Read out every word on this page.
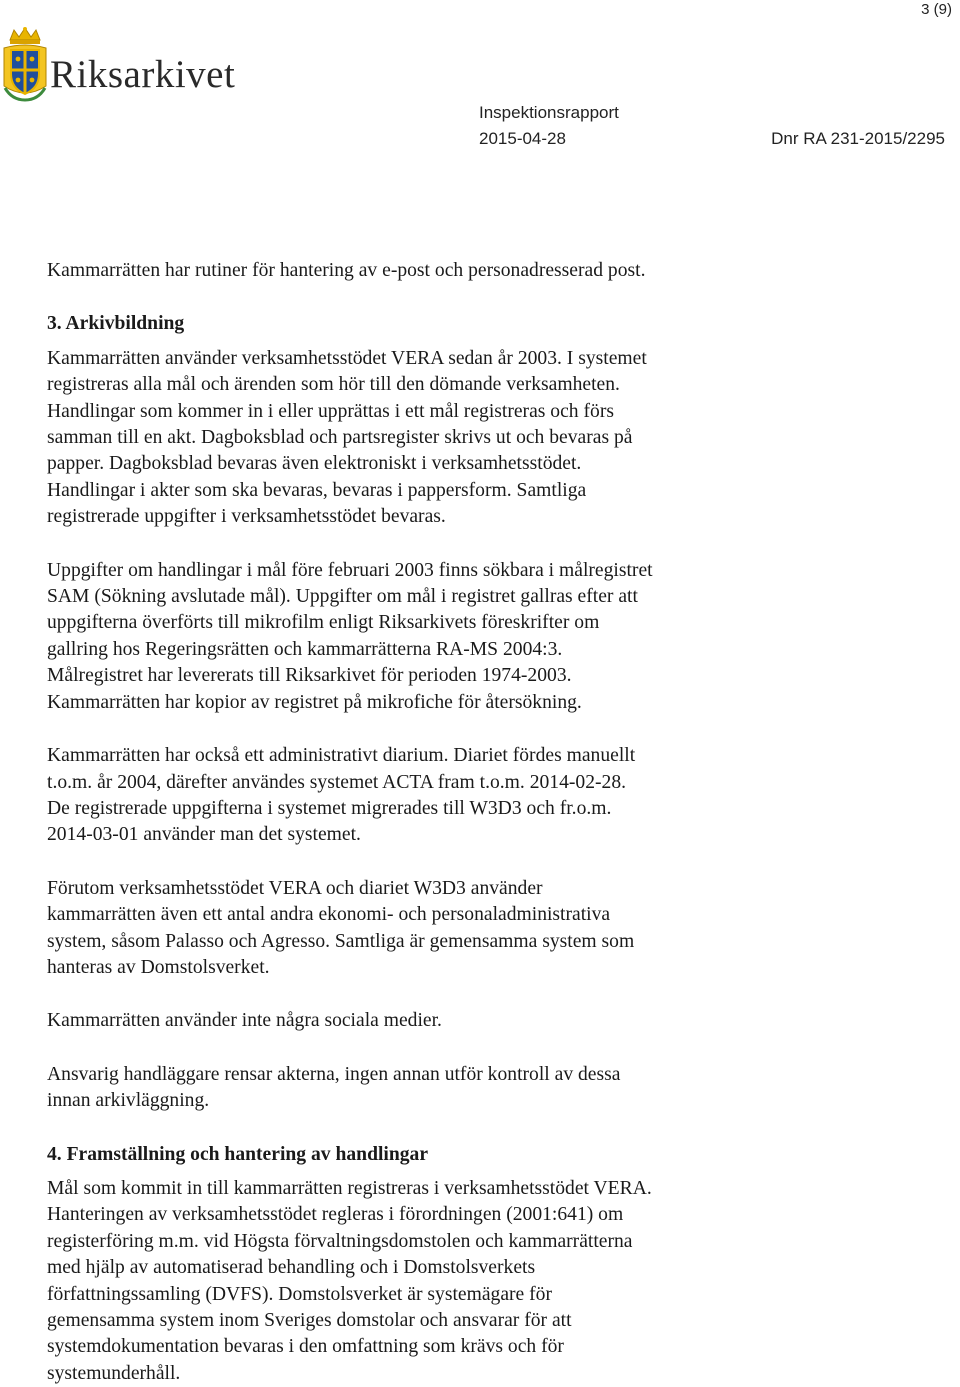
3 (9)
Riksarkivet
Inspektionsrapport
2015-04-28	Dnr RA 231-2015/2295

Kammarrätten har rutiner för hantering av e-post och personadresserad post.

3. Arkivbildning

Kammarrätten använder verksamhetsstödet VERA sedan år 2003. I systemet
registreras alla mål och ärenden som hör till den dömande verksamheten.
Handlingar som kommer in i eller upprättas i ett mål registreras och förs
samman till en akt. Dagboksblad och partsregister skrivs ut och bevaras på
papper. Dagboksblad bevaras även elektroniskt i verksamhetsstödet.
Handlingar i akter som ska bevaras, bevaras i pappersform. Samtliga
registrerade uppgifter i verksamhetsstödet bevaras.

Uppgifter om handlingar i mål före februari 2003 finns sökbara i målregistret
SAM (Sökning avslutade mål). Uppgifter om mål i registret gallras efter att
uppgifterna överförts till mikrofilm enligt Riksarkivets föreskrifter om
gallring hos Regeringsrätten och kammarrätterna RA-MS 2004:3.
Målregistret har levererats till Riksarkivet för perioden 1974-2003.
Kammarrätten har kopior av registret på mikrofiche för återsökning.

Kammarrätten har också ett administrativt diarium. Diariet fördes manuellt
t.o.m. år 2004, därefter användes systemet ACTA fram t.o.m. 2014-02-28.
De registrerade uppgifterna i systemet migrerades till W3D3 och fr.o.m.
2014-03-01 använder man det systemet.

Förutom verksamhetsstödet VERA och diariet W3D3 använder
kammarrätten även ett antal andra ekonomi- och personaladministrativa
system, såsom Palasso och Agresso. Samtliga är gemensamma system som
hanteras av Domstolsverket.

Kammarrätten använder inte några sociala medier.

Ansvarig handläggare rensar akterna, ingen annan utför kontroll av dessa
innan arkivläggning.

4. Framställning och hantering av handlingar

Mål som kommit in till kammarrätten registreras i verksamhetsstödet VERA.
Hanteringen av verksamhetsstödet regleras i förordningen (2001:641) om
registerföring m.m. vid Högsta förvaltningsdomstolen och kammarrätterna
med hjälp av automatiserad behandling och i Domstolsverkets
författningssamling (DVFS). Domstolsverket är systemägare för
gemensamma system inom Sveriges domstolar och ansvarar för att
systemdokumentation bevaras i den omfattning som krävs och för
systemunderhåll.
